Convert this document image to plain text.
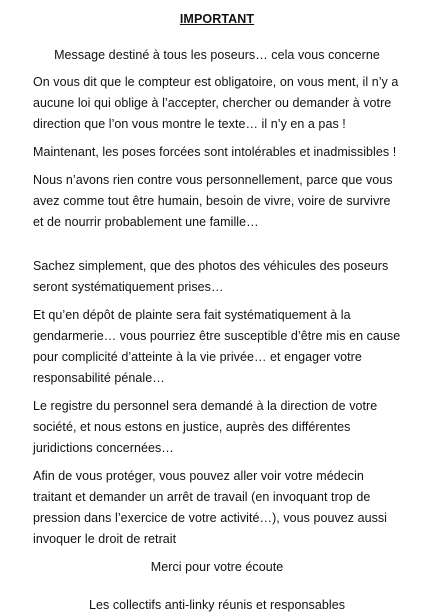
IMPORTANT
Message destiné à tous les poseurs… cela vous concerne
On vous dit que le compteur est obligatoire, on vous ment, il n’y a aucune loi qui oblige à l’accepter, chercher ou demander à votre direction que l’on vous montre le texte… il n’y en a pas !
Maintenant, les poses forcées sont intolérables et inadmissibles !
Nous n’avons rien contre vous personnellement, parce que vous avez comme tout être humain, besoin de vivre, voire de survivre et de nourrir probablement une famille…
Sachez simplement, que des photos des véhicules des poseurs seront systématiquement prises…
Et qu’en dépôt de plainte sera fait systématiquement à la gendarmerie… vous pourriez être susceptible d’être mis en cause pour complicité d’atteinte à la vie privée… et engager votre responsabilité pénale…
Le registre du personnel sera demandé à la direction de votre société, et nous estons en justice, auprès des différentes juridictions concernées…
Afin de vous protéger, vous pouvez aller voir votre médecin traitant et demander un arrêt de travail (en invoquant trop de pression dans l’exercice de votre activité…), vous pouvez aussi invoquer le droit de retrait
Merci pour votre écoute
Les collectifs anti-linky réunis et responsables
